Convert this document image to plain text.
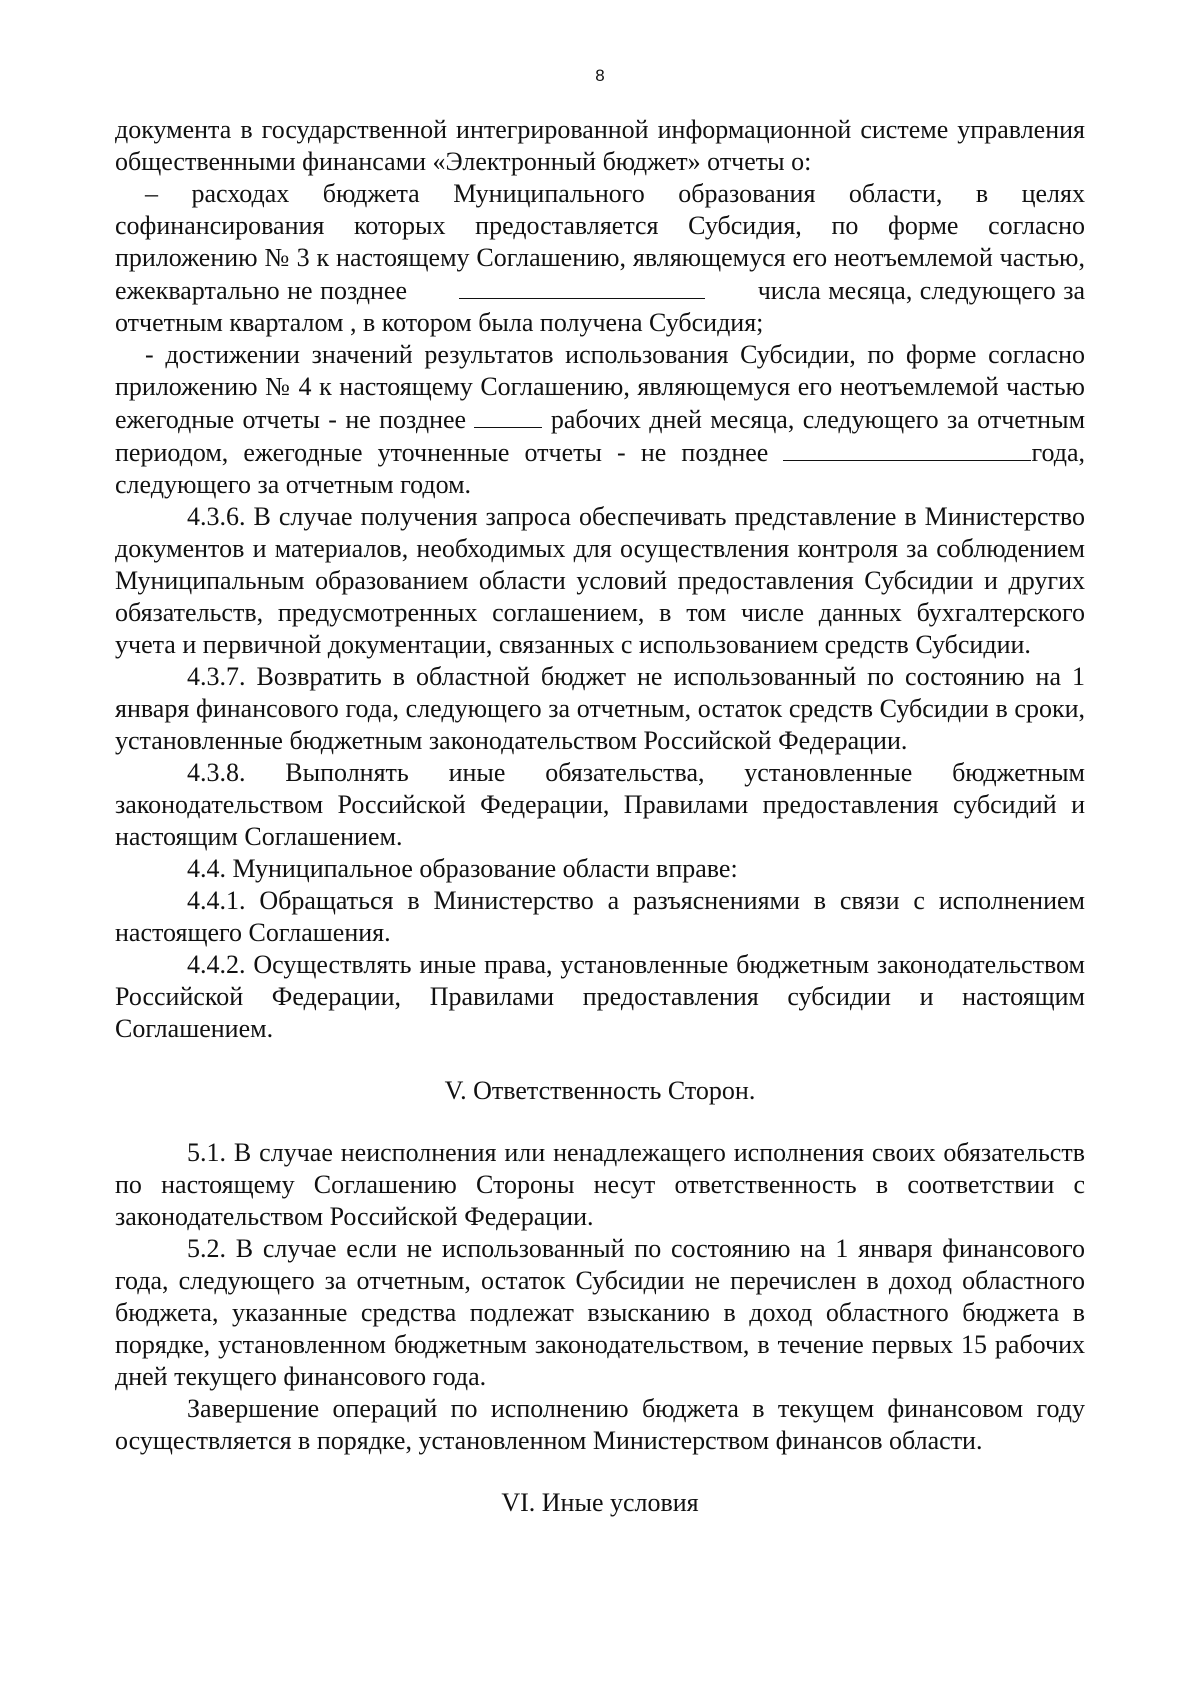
8

документа в государственной интегрированной информационной системе управления общественными финансами «Электронный бюджет» отчеты о:

– расходах бюджета Муниципального образования области, в целях софинансирования которых предоставляется Субсидия, по форме согласно приложению № 3 к настоящему Соглашению, являющемуся его неотъемлемой частью, ежеквартально не позднее	числа месяца, следующего за отчетным кварталом , в котором была получена Субсидия;

- достижении значений результатов использования Субсидии, по форме согласно приложению № 4 к настоящему Соглашению, являющемуся его неотъемлемой частью ежегодные отчеты - не позднее	рабочих дней месяца, следующего за отчетным периодом, ежегодные уточненные отчеты - не позднее	года, следующего за отчетным годом.

4.3.6. В случае получения запроса обеспечивать представление в Министерство документов и материалов, необходимых для осуществления контроля за соблюдением Муниципальным образованием области условий предоставления Субсидии и других обязательств, предусмотренных соглашением, в том числе данных бухгалтерского учета и первичной документации, связанных с использованием средств Субсидии.

4.3.7. Возвратить в областной бюджет не использованный по состоянию на 1 января финансового года, следующего за отчетным, остаток средств Субсидии в сроки, установленные бюджетным законодательством Российской Федерации.

4.3.8. Выполнять иные обязательства, установленные бюджетным законодательством Российской Федерации, Правилами предоставления субсидий и настоящим Соглашением.

4.4. Муниципальное образование области вправе:

4.4.1. Обращаться в Министерство а разъяснениями в связи с исполнением настоящего Соглашения.

4.4.2. Осуществлять иные права, установленные бюджетным законодательством Российской Федерации, Правилами предоставления субсидии и настоящим Соглашением.

V. Ответственность Сторон.

5.1. В случае неисполнения или ненадлежащего исполнения своих обязательств по настоящему Соглашению Стороны несут ответственность в соответствии с законодательством Российской Федерации.

5.2. В случае если не использованный по состоянию на 1 января финансового года, следующего за отчетным, остаток Субсидии не перечислен в доход областного бюджета, указанные средства подлежат взысканию в доход областного бюджета в порядке, установленном бюджетным законодательством, в течение первых 15 рабочих дней текущего финансового года.

Завершение операций по исполнению бюджета в текущем финансовом году осуществляется в порядке, установленном Министерством финансов области.

VI. Иные условия
